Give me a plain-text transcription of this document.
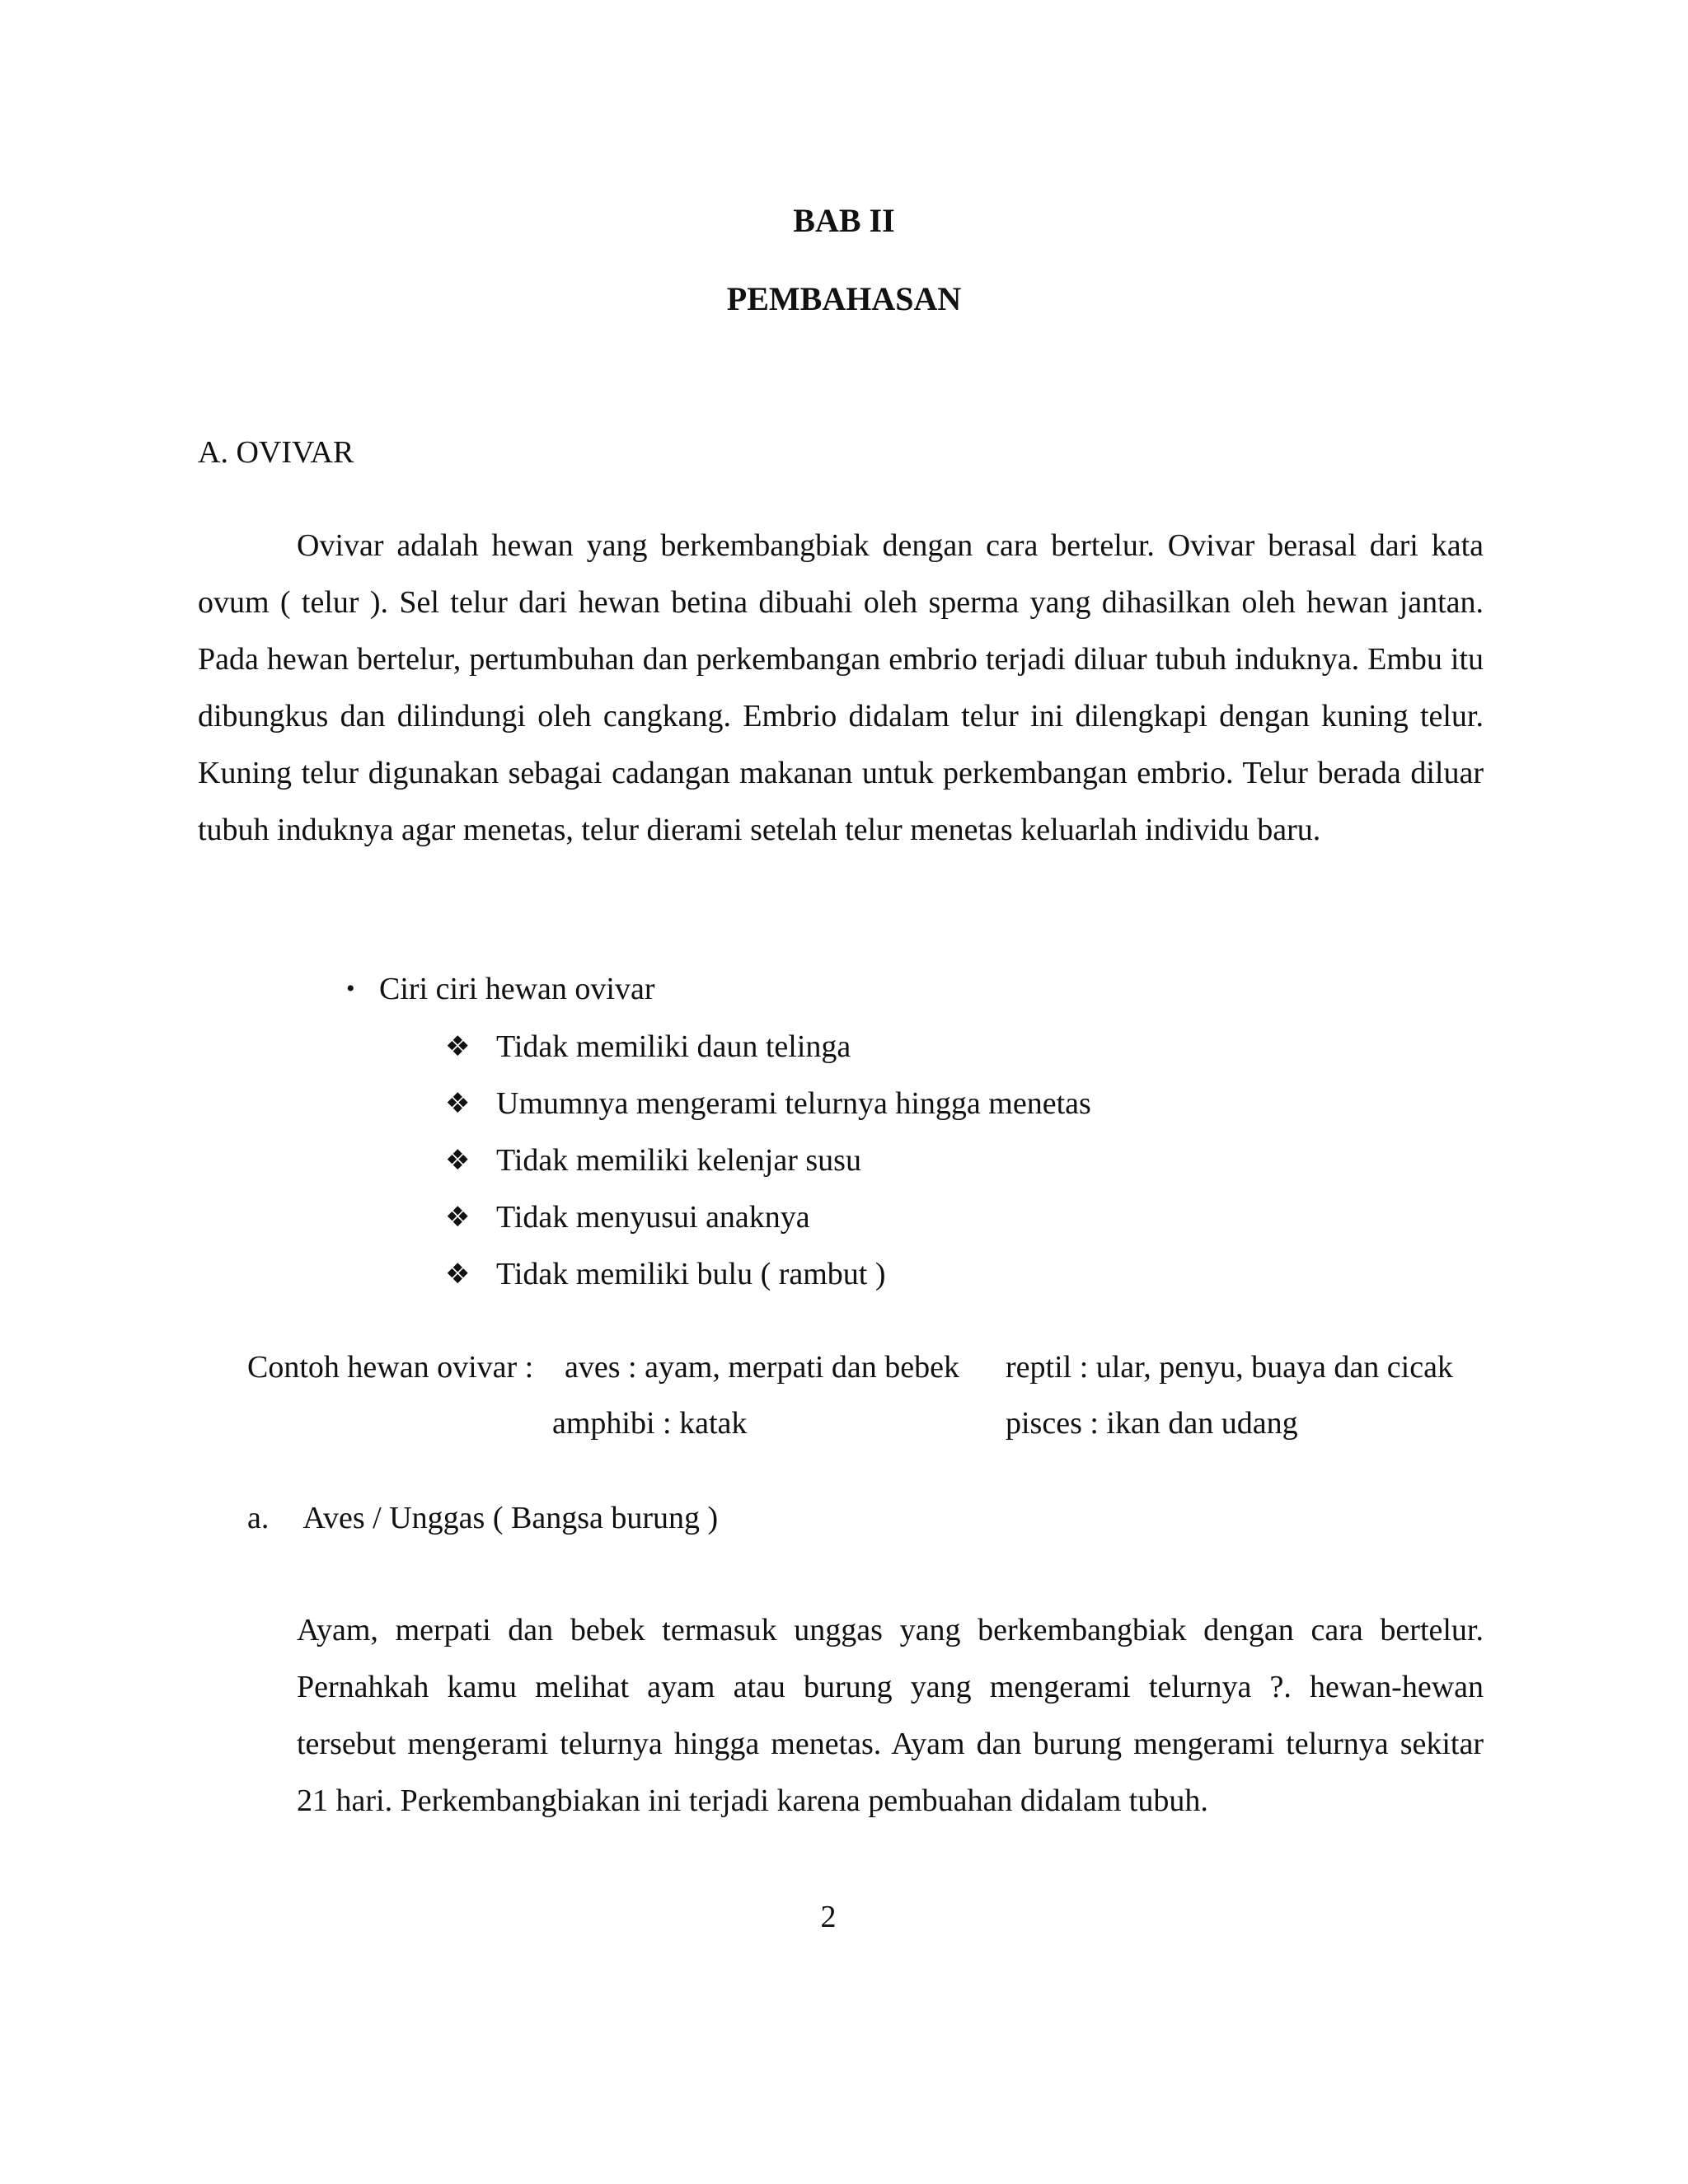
BAB II
PEMBAHASAN
A. OVIVAR

Ovivar adalah hewan yang berkembangbiak dengan cara bertelur. Ovivar berasal dari kata ovum ( telur ). Sel telur dari hewan betina dibuahi oleh sperma yang dihasilkan oleh hewan jantan. Pada hewan bertelur, pertumbuhan dan perkembangan embrio terjadi diluar tubuh induknya. Embu itu dibungkus dan dilindungi oleh cangkang. Embrio didalam telur ini dilengkapi dengan kuning telur. Kuning telur digunakan sebagai cadangan makanan untuk perkembangan embrio. Telur berada diluar tubuh induknya agar menetas, telur dierami setelah telur menetas keluarlah individu baru.

• Ciri ciri hewan ovivar
❖ Tidak memiliki daun telinga
❖ Umumnya mengerami telurnya hingga menetas
❖ Tidak memiliki kelenjar susu
❖ Tidak menyusui anaknya
❖ Tidak memiliki bulu ( rambut )
Contoh hewan ovivar : aves : ayam, merpati dan bebek reptil : ular, penyu, buaya dan cicak
amphibi : katak	pisces : ikan dan udang
a. Aves / Unggas ( Bangsa burung )

Ayam, merpati dan bebek termasuk unggas yang berkembangbiak dengan cara bertelur. Pernahkah kamu melihat ayam atau burung yang mengerami telurnya ?. hewan-hewan tersebut mengerami telurnya hingga menetas. Ayam dan burung mengerami telurnya sekitar 21 hari. Perkembangbiakan ini terjadi karena pembuahan didalam tubuh.

2
